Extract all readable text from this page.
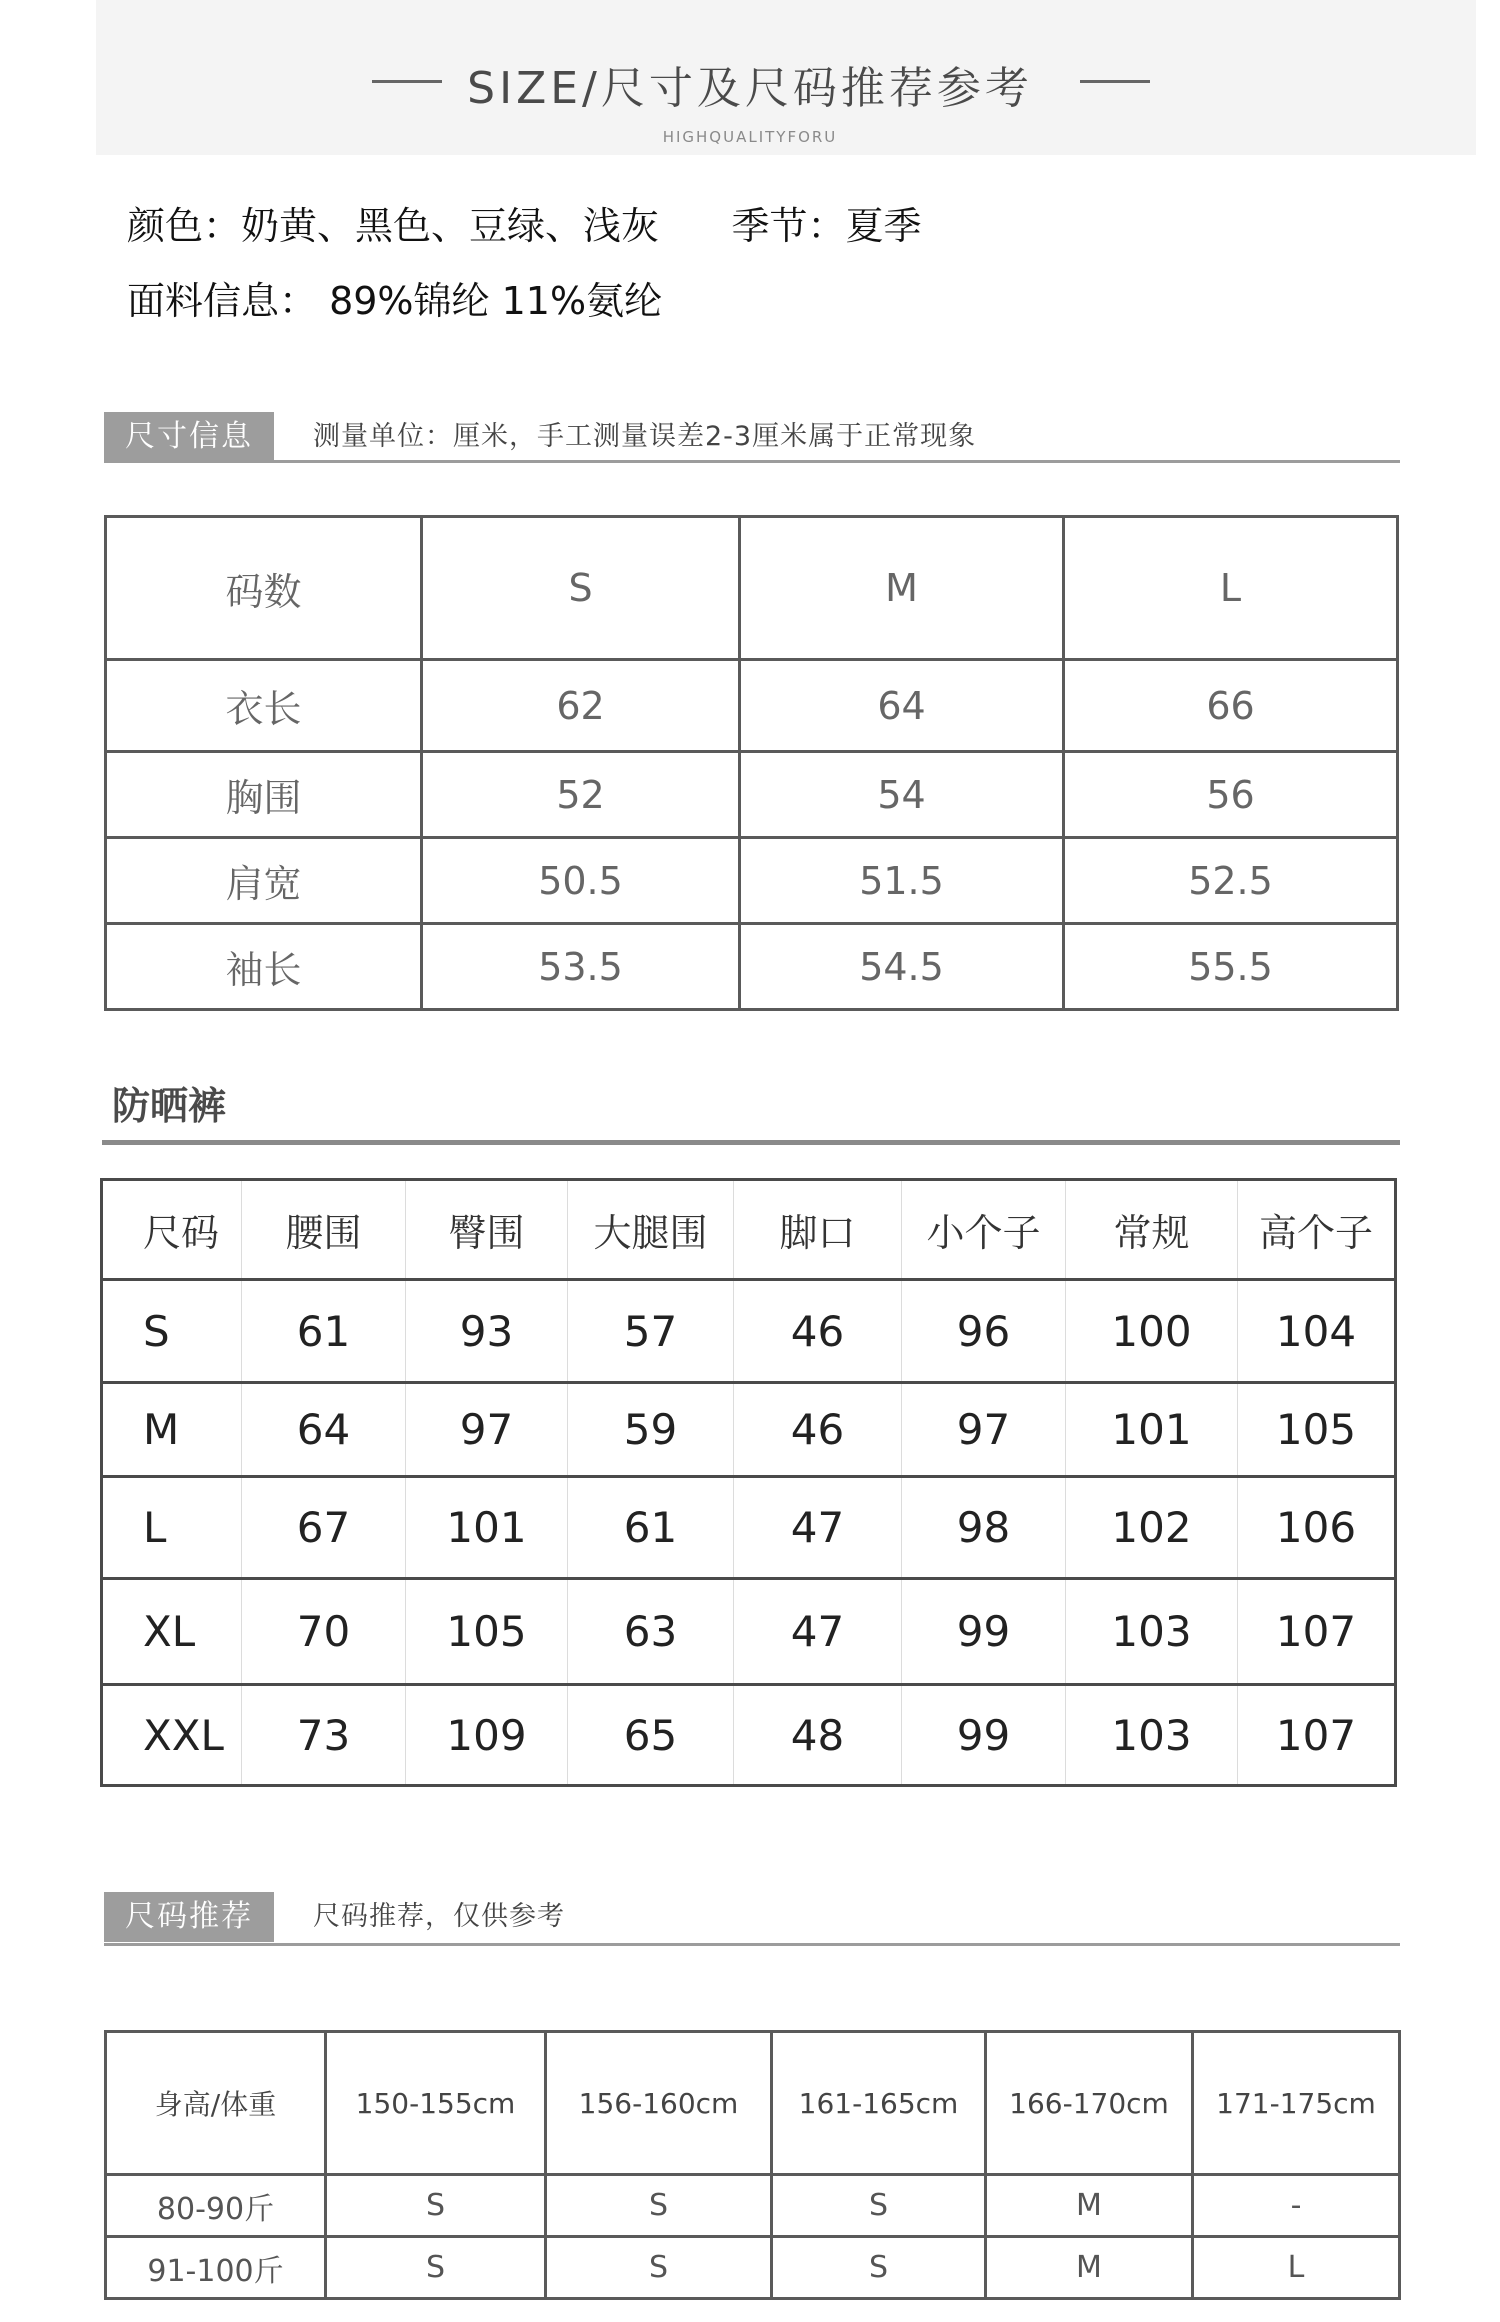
SIZE/尺寸及尺码推荐参考
HIGHQUALITYFORU
颜色：奶黄、黑色、豆绿、浅灰      季节：夏季
面料信息： 89%锦纶 11%氨纶
尺寸信息	测量单位：厘米，手工测量误差2-3厘米属于正常现象
码数	S	M	L
衣长	62	64	66
胸围	52	54	56
肩宽	50.5	51.5	52.5
袖长	53.5	54.5	55.5
防晒裤
尺码	腰围	臀围	大腿围	脚口	小个子	常规	高个子
S	61	93	57	46	96	100	104
M	64	97	59	46	97	101	105
L	67	101	61	47	98	102	106
XL	70	105	63	47	99	103	107
XXL	73	109	65	48	99	103	107
尺码推荐	尺码推荐，仅供参考
身高/体重	150-155cm	156-160cm	161-165cm	166-170cm	171-175cm
80-90斤	S	S	S	M	-
91-100斤	S	S	S	M	L
